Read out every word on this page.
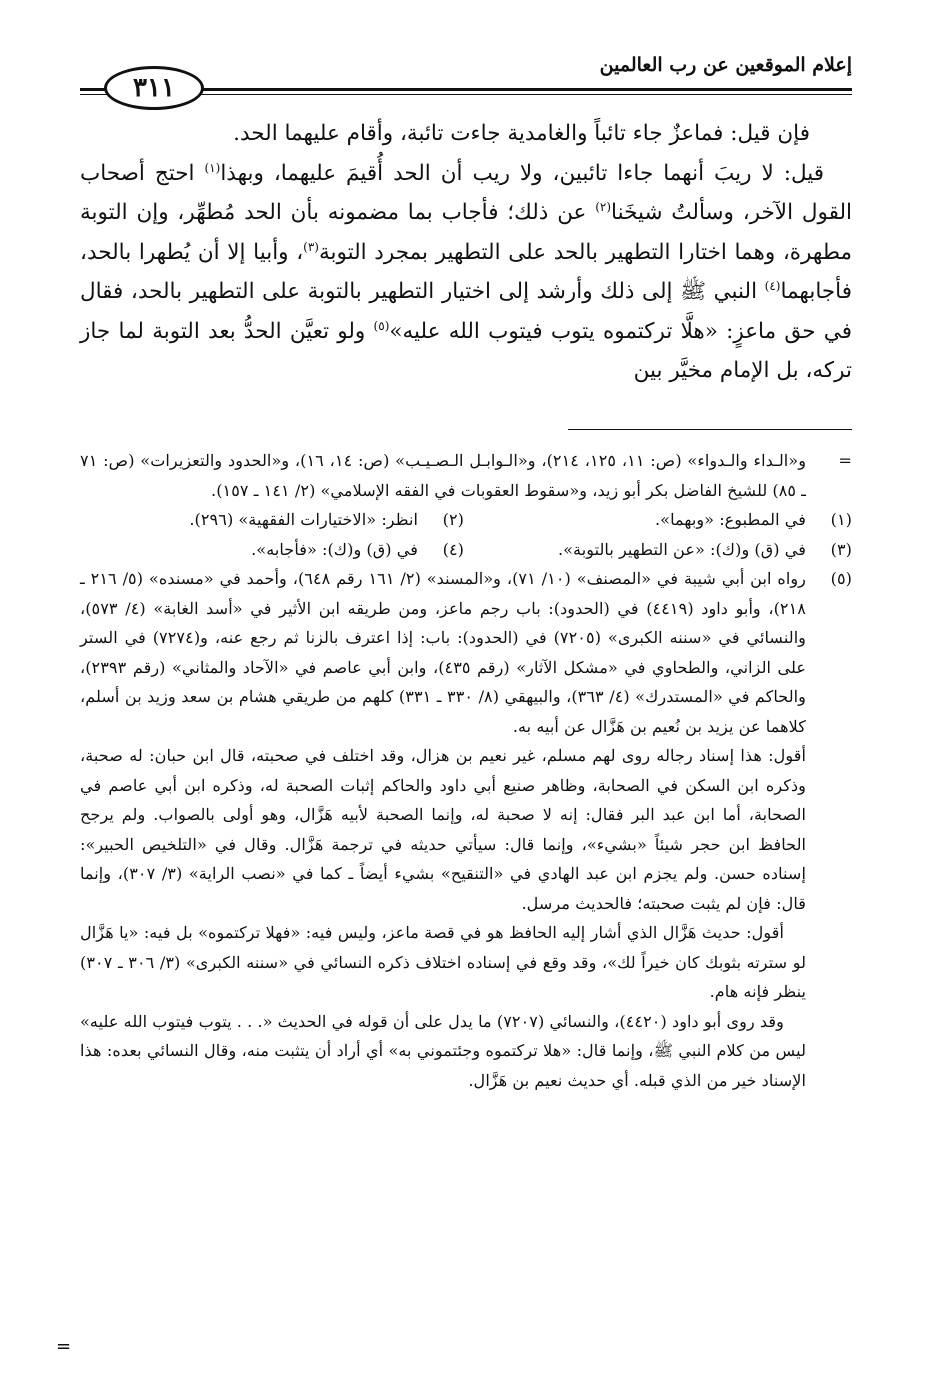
٣١١
إعلام الموقعين عن رب العالمين

فإن قيل: فماعزٌ جاء تائباً والغامدية جاءت تائبة، وأقام عليهما الحد.

قيل: لا ريبَ أنهما جاءا تائبين، ولا ريب أن الحد أُقيمَ عليهما، وبهذا$^{(١)}$ احتج أصحاب القول الآخر، وسألتُ شيخَنا$^{(٢)}$ عن ذلك؛ فأجاب بما مضمونه بأن الحد مُطهِّر، وإن التوبة مطهرة، وهما اختارا التطهير بالحد على التطهير بمجرد التوبة$^{(٣)}$، وأبيا إلا أن يُطهرا بالحد، فأجابهما$^{(٤)}$ النبي ﷺ إلى ذلك وأرشد إلى اختيار التطهير بالتوبة على التطهير بالحد، فقال في حق ماعزٍ: «هلَّا تركتموه يتوب فيتوب الله عليه»$^{(٥)}$ ولو تعيَّن الحدُّ بعد التوبة لما جاز تركه، بل الإمام مخيَّر بين

=
و«الـداء والـدواء» (ص: ١١، ١٢٥، ٢١٤)، و«الـوابـل الـصـيـب» (ص: ١٤، ١٦)، و«الحدود والتعزيرات» (ص: ٧١ ـ ٨٥) للشيخ الفاضل بكر أبو زيد، و«سقوط العقوبات في الفقه الإسلامي» (٢/ ١٤١ ـ ١٥٧).
(١)
في المطبوع: «وبهما».
(٢)
انظر: «الاختيارات الفقهية» (٢٩٦).
(٣)
في (ق) و(ك): «عن التطهير بالتوبة».
(٤)
في (ق) و(ك): «فأجابه».
(٥)
رواه ابن أبي شيبة في «المصنف» (١٠/ ٧١)، و«المسند» (٢/ ١٦١ رقم ٦٤٨)، وأحمد في «مسنده» (٥/ ٢١٦ ـ ٢١٨)، وأبو داود (٤٤١٩) في (الحدود): باب رجم ماعز، ومن طريقه ابن الأثير في «أسد الغابة» (٤/ ٥٧٣)، والنسائي في «سننه الكبرى» (٧٢٠٥) في (الحدود): باب: إذا اعترف بالزنا ثم رجع عنه، و(٧٢٧٤) في الستر على الزاني، والطحاوي في «مشكل الآثار» (رقم ٤٣٥)، وابن أبي عاصم في «الآحاد والمثاني» (رقم ٢٣٩٣)، والحاكم في «المستدرك» (٤/ ٣٦٣)، والبيهقي (٨/ ٣٣٠ ـ ٣٣١) كلهم من طريقي هشام بن سعد وزيد بن أسلم، كلاهما عن يزيد بن نُعيم بن هَزَّال عن أبيه به.
أقول: هذا إسناد رجاله روى لهم مسلم، غير نعيم بن هزال، وقد اختلف في صحبته، قال ابن حبان: له صحبة، وذكره ابن السكن في الصحابة، وظاهر صنيع أبي داود والحاكم إثبات الصحبة له، وذكره ابن أبي عاصم في الصحابة، أما ابن عبد البر فقال: إنه لا صحبة له، وإنما الصحبة لأبيه هَزَّال، وهو أولى بالصواب. ولم يرجح الحافظ ابن حجر شيئاً «بشيء»، وإنما قال: سيأتي حديثه في ترجمة هَزَّال. وقال في «التلخيص الحبير»: إسناده حسن. ولم يجزم ابن عبد الهادي في «التنقيح» بشيء أيضاً ـ كما في «نصب الراية» (٣/ ٣٠٧)، وإنما قال: فإن لم يثبت صحبته؛ فالحديث مرسل.
أقول: حديث هَزَّال الذي أشار إليه الحافظ هو في قصة ماعز، وليس فيه: «فهلا تركتموه» بل فيه: «يا هَزَّال لو سترته بثوبك كان خيراً لك»، وقد وقع في إسناده اختلاف ذكره النسائي في «سننه الكبرى» (٣/ ٣٠٦ ـ ٣٠٧) ينظر فإنه هام.
وقد روى أبو داود (٤٤٢٠)، والنسائي (٧٢٠٧) ما يدل على أن قوله في الحديث «. . . يتوب فيتوب الله عليه» ليس من كلام النبي ﷺ، وإنما قال: «هلا تركتموه وجئتموني به» أي أراد أن يتثبت منه، وقال النسائي بعده: هذا الإسناد خير من الذي قبله. أي حديث نعيم بن هَزَّال.
=
